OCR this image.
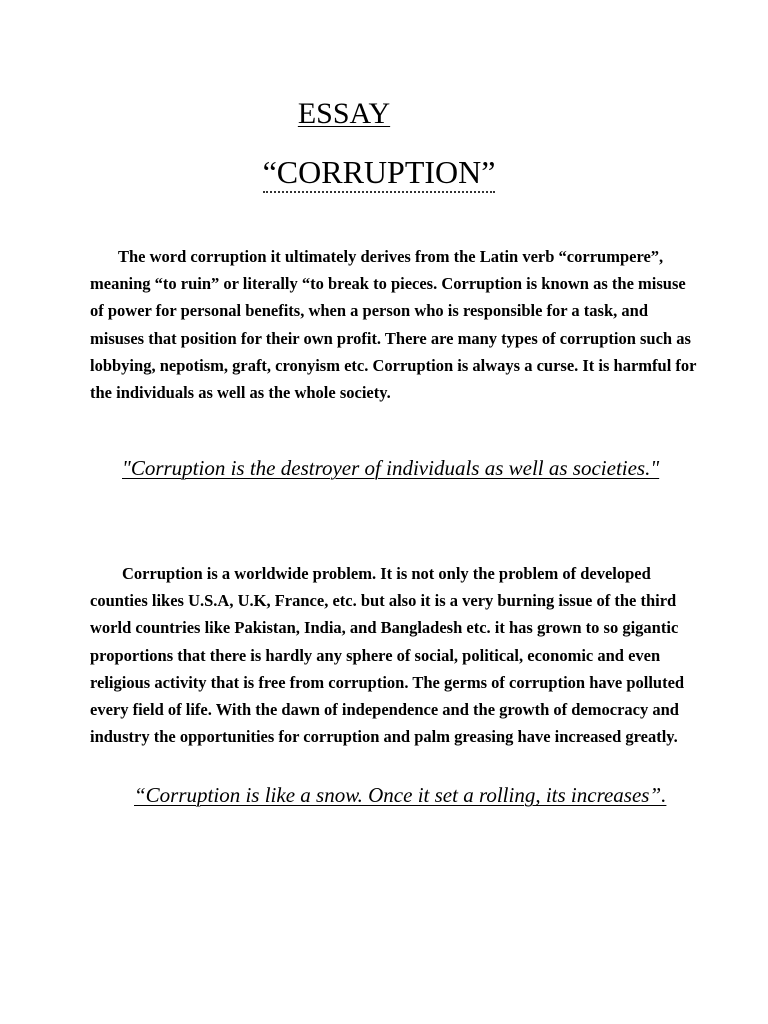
ESSAY
“CORRUPTION”

The word corruption it ultimately derives from the Latin verb “corrumpere”, meaning “to ruin” or literally “to break to pieces. Corruption is known as the misuse of power for personal benefits, when a person who is responsible for a task, and misuses that position for their own profit. There are many types of corruption such as lobbying, nepotism, graft, cronyism etc. Corruption is always a curse. It is harmful for the individuals as well as the whole society.

"Corruption is the destroyer of individuals as well as societies."

Corruption is a worldwide problem. It is not only the problem of developed counties likes U.S.A, U.K, France, etc. but also it is a very burning issue of the third world countries like Pakistan, India, and Bangladesh etc. it has grown to so gigantic proportions that there is hardly any sphere of social, political, economic and even religious activity that is free from corruption. The germs of corruption have polluted every field of life. With the dawn of independence and the growth of democracy and industry the opportunities for corruption and palm greasing have increased greatly.

“Corruption is like a snow. Once it set a rolling, its increases”.
